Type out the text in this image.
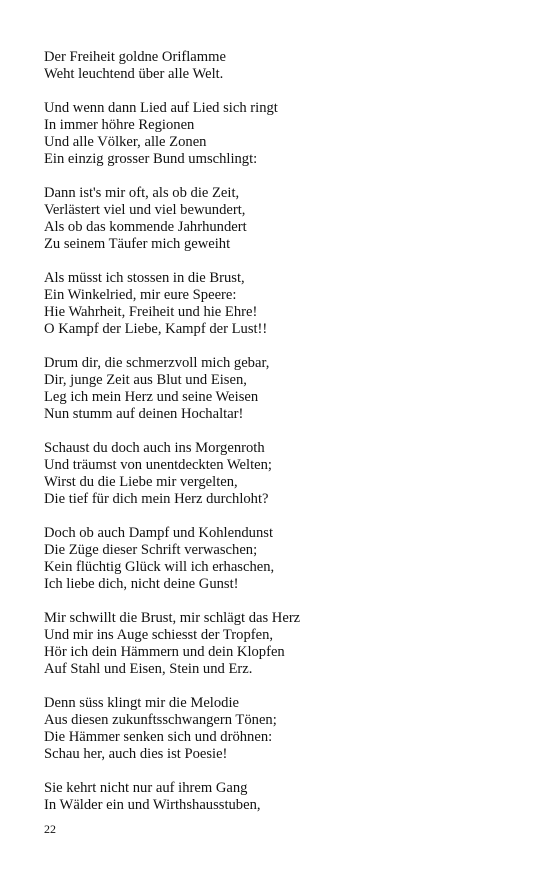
Der Freiheit goldne Oriflamme
Weht leuchtend über alle Welt.
Und wenn dann Lied auf Lied sich ringt
In immer höhre Regionen
Und alle Völker, alle Zonen
Ein einzig grosser Bund umschlingt:
Dann ist's mir oft, als ob die Zeit,
Verlästert viel und viel bewundert,
Als ob das kommende Jahrhundert
Zu seinem Täufer mich geweiht
Als müsst ich stossen in die Brust,
Ein Winkelried, mir eure Speere:
Hie Wahrheit, Freiheit und hie Ehre!
O Kampf der Liebe, Kampf der Lust!!
Drum dir, die schmerzvoll mich gebar,
Dir, junge Zeit aus Blut und Eisen,
Leg ich mein Herz und seine Weisen
Nun stumm auf deinen Hochaltar!
Schaust du doch auch ins Morgenroth
Und träumst von unentdeckten Welten;
Wirst du die Liebe mir vergelten,
Die tief für dich mein Herz durchloht?
Doch ob auch Dampf und Kohlendunst
Die Züge dieser Schrift verwaschen;
Kein flüchtig Glück will ich erhaschen,
Ich liebe dich, nicht deine Gunst!
Mir schwillt die Brust, mir schlägt das Herz
Und mir ins Auge schiesst der Tropfen,
Hör ich dein Hämmern und dein Klopfen
Auf Stahl und Eisen, Stein und Erz.
Denn süss klingt mir die Melodie
Aus diesen zukunftsschwangern Tönen;
Die Hämmer senken sich und dröhnen:
Schau her, auch dies ist Poesie!
Sie kehrt nicht nur auf ihrem Gang
In Wälder ein und Wirthshausstuben,
22
